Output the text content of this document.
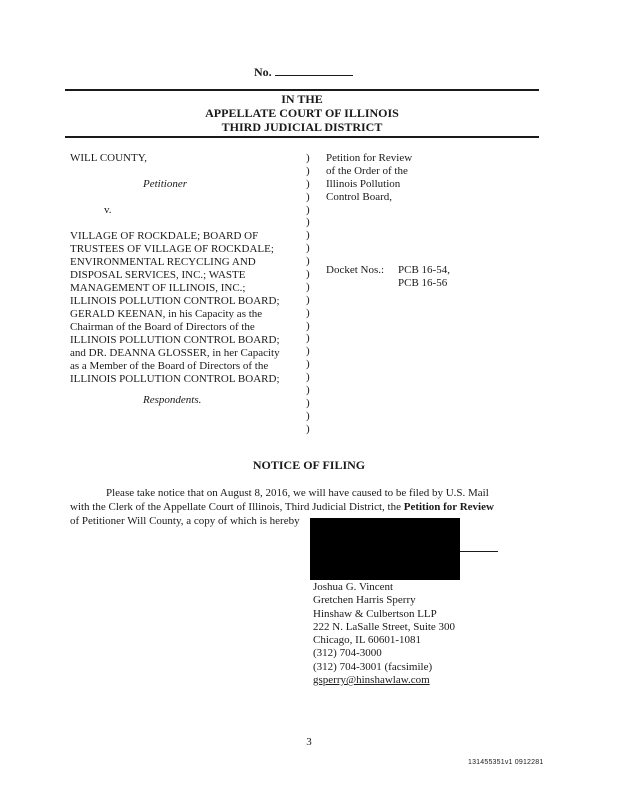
No.
IN THE
APPELLATE COURT OF ILLINOIS
THIRD JUDICIAL DISTRICT
WILL COUNTY,
Petitioner
v.
VILLAGE OF ROCKDALE; BOARD OF
TRUSTEES OF VILLAGE OF ROCKDALE;
ENVIRONMENTAL RECYCLING AND
DISPOSAL SERVICES, INC.; WASTE
MANAGEMENT OF ILLINOIS, INC.;
ILLINOIS POLLUTION CONTROL BOARD;
GERALD KEENAN, in his Capacity as the
Chairman of the Board of Directors of the
ILLINOIS POLLUTION CONTROL BOARD;
and DR. DEANNA GLOSSER, in her Capacity
as a Member of the Board of Directors of the
ILLINOIS POLLUTION CONTROL BOARD;
Respondents.
)
)
)
)
)
)
)
)
)
)
)
)
)
)
)
)
)
)
)
)
)
)
Petition for Review
of the Order of the
Illinois Pollution
Control Board,
Docket Nos.:	PCB 16-54,
PCB 16-56
NOTICE OF FILING
Please take notice that on August 8, 2016, we will have caused to be filed by U.S. Mail
with the Clerk of the Appellate Court of Illinois, Third Judicial District, the Petition for Review
of Petitioner Will County, a copy of which is hereby
Joshua G. Vincent
Gretchen Harris Sperry
Hinshaw & Culbertson LLP
222 N. LaSalle Street, Suite 300
Chicago, IL 60601-1081
(312) 704-3000
(312) 704-3001 (facsimile)
gsperry@hinshawlaw.com
3
131455351v1 0912281
